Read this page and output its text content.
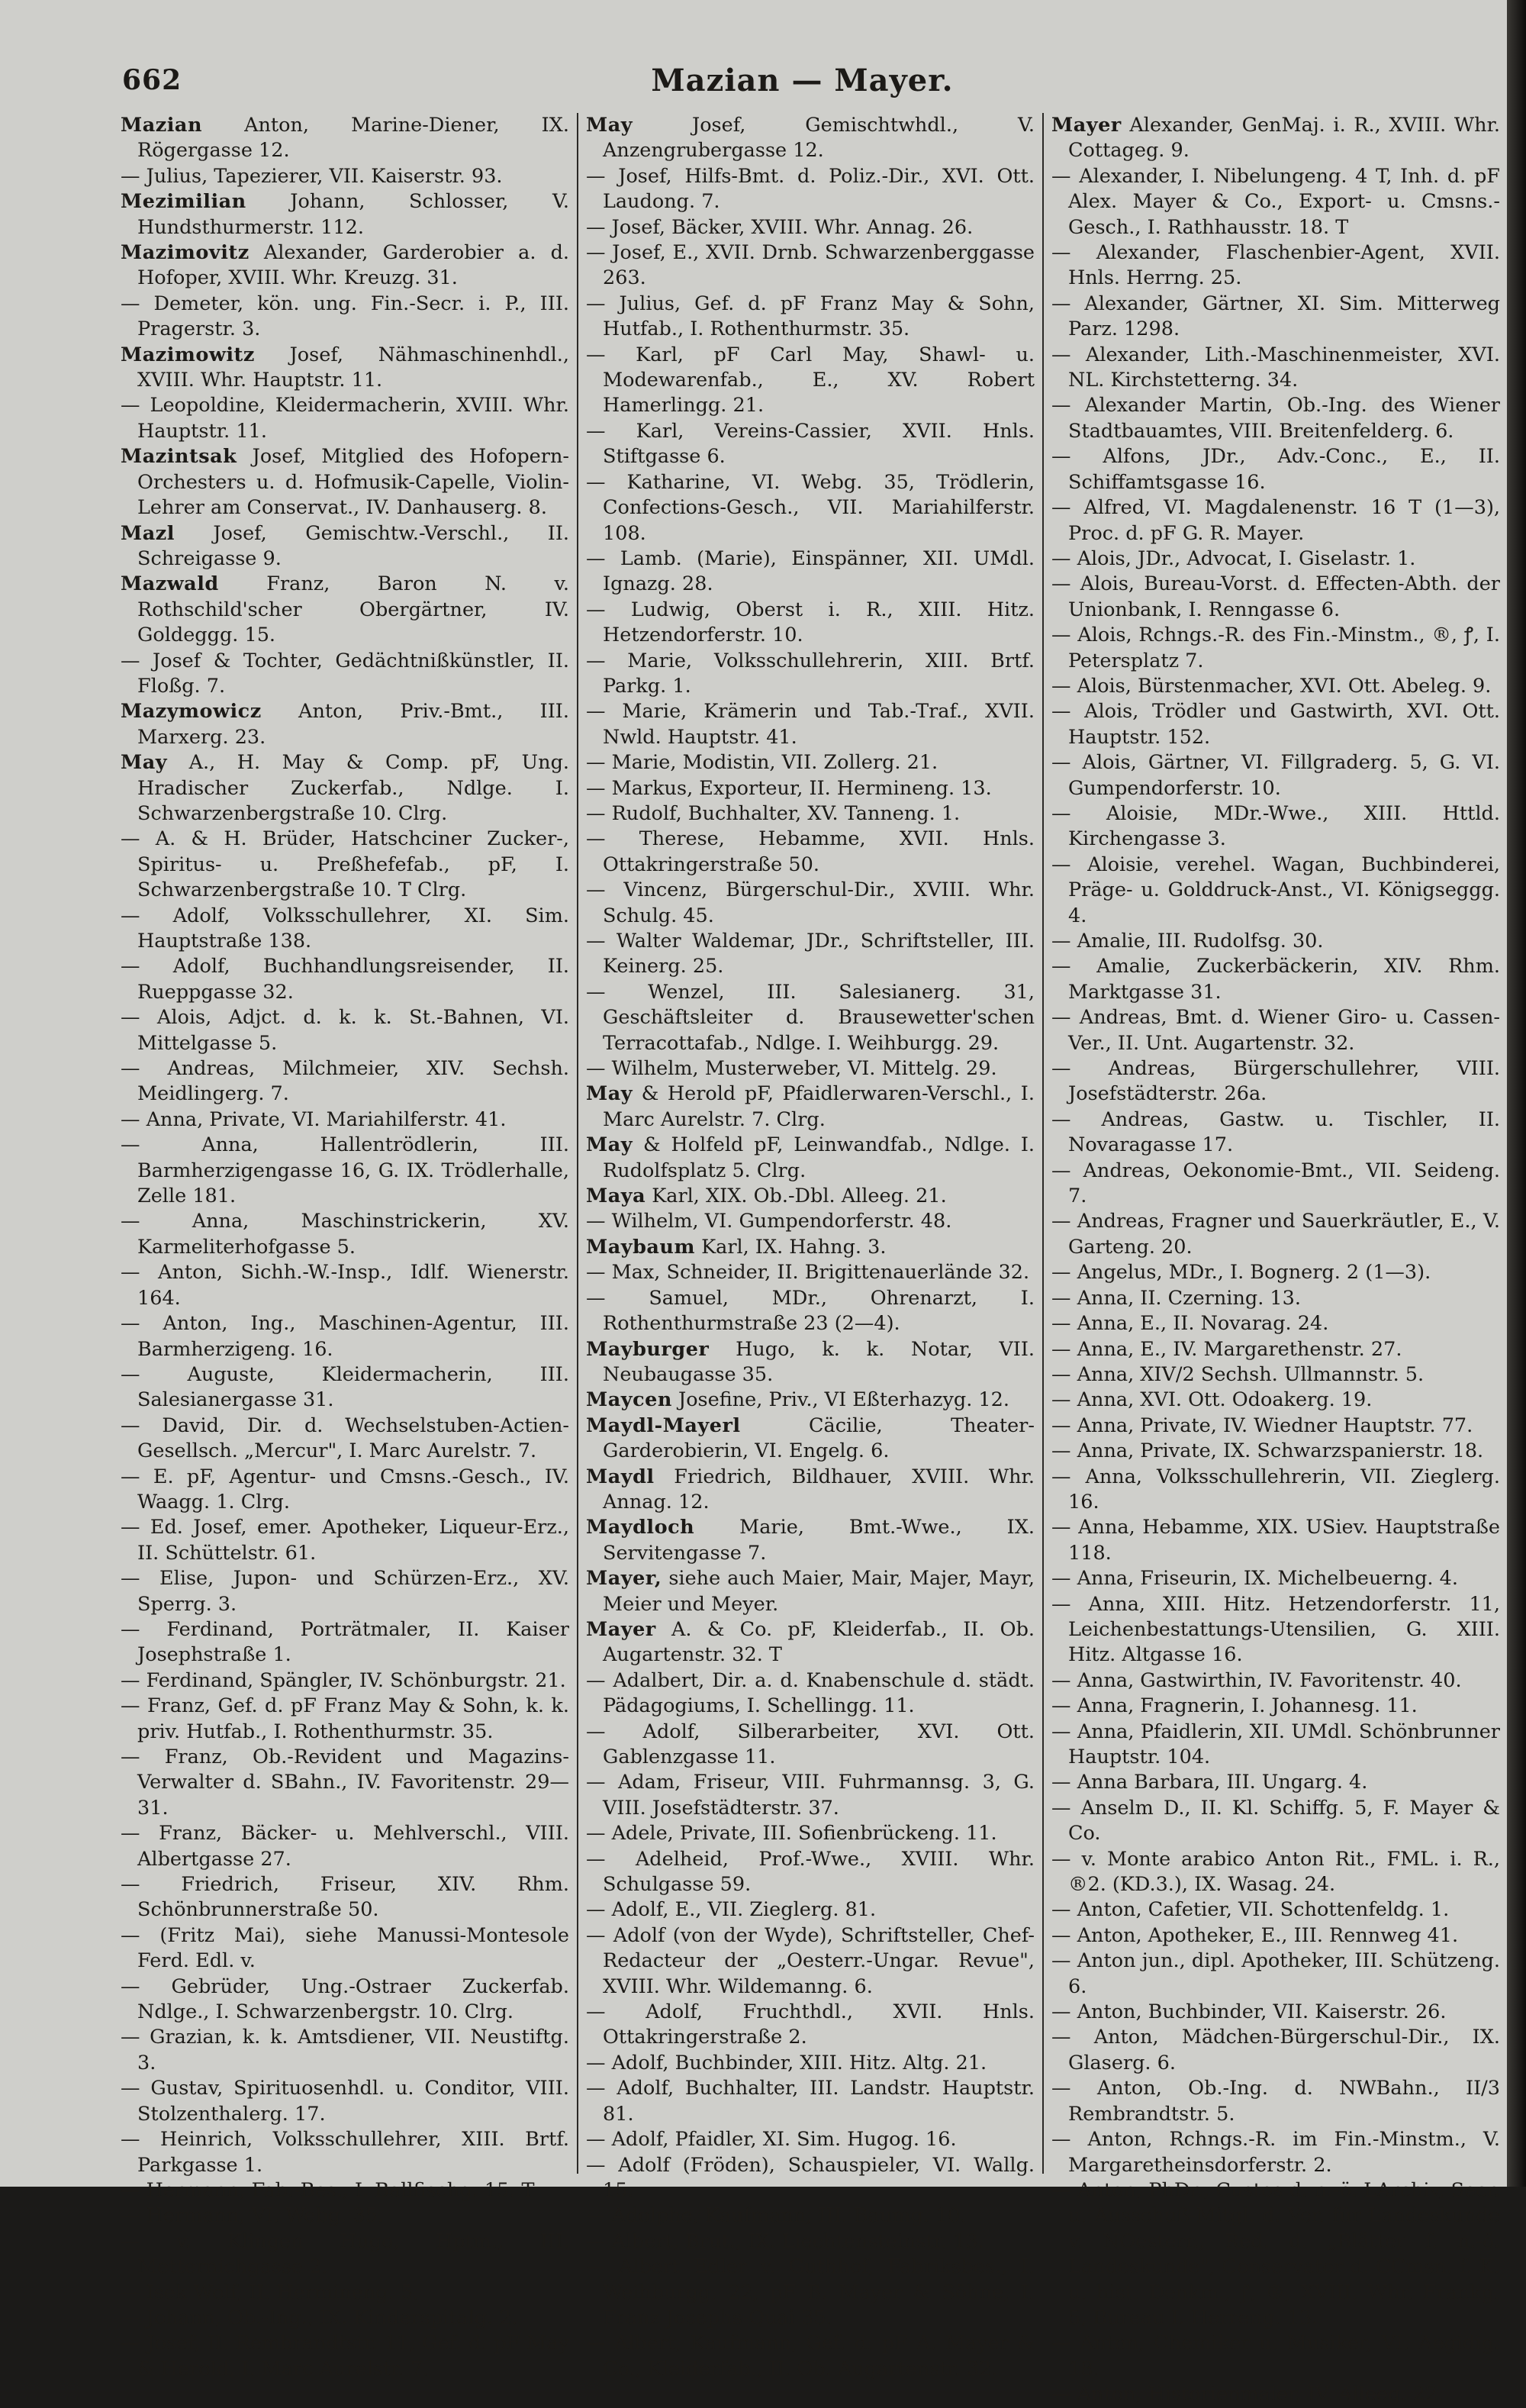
662	Mazian — Mayer.

Mazian Anton, Marine-Diener, IX. Rögergasse 12.

— Julius, Tapezierer, VII. Kaiserstr. 93.

Mezimilian Johann, Schlosser, V. Hundsthurmerstr. 112.

Mazimovitz Alexander, Garderobier a. d. Hofoper, XVIII. Whr. Kreuzg. 31.

— Demeter, kön. ung. Fin.-Secr. i. P., III. Pragerstr. 3.

Mazimowitz Josef, Nähmaschinenhdl., XVIII. Whr. Hauptstr. 11.

— Leopoldine, Kleidermacherin, XVIII. Whr. Hauptstr. 11.

Mazintsak Josef, Mitglied des Hofopern-Orchesters u. d. Hofmusik-Capelle, Violin-Lehrer am Conservat., IV. Danhauserg. 8.

Mazl Josef, Gemischtw.-Verschl., II. Schreigasse 9.

Mazwald Franz, Baron N. v. Rothschild'scher Obergärtner, IV. Goldeggg. 15.

— Josef & Tochter, Gedächtnißkünstler, II. Floßg. 7.

Mazymowicz Anton, Priv.-Bmt., III. Marxerg. 23.

May A., H. May & Comp. pF, Ung. Hradischer Zuckerfab., Ndlge. I. Schwarzenbergstraße 10. Clrg.

— A. & H. Brüder, Hatschciner Zucker-, Spiritus- u. Preßhefefab., pF, I. Schwarzenbergstraße 10. T Clrg.

— Adolf, Volksschullehrer, XI. Sim. Hauptstraße 138.

— Adolf, Buchhandlungsreisender, II. Rueppgasse 32.

— Alois, Adjct. d. k. k. St.-Bahnen, VI. Mittelgasse 5.

— Andreas, Milchmeier, XIV. Sechsh. Meidlingerg. 7.

— Anna, Private, VI. Mariahilferstr. 41.

— Anna, Hallentrödlerin, III. Barmherzigengasse 16, G. IX. Trödlerhalle, Zelle 181.

— Anna, Maschinstrickerin, XV. Karmeliterhofgasse 5.

— Anton, Sichh.-W.-Insp., Idlf. Wienerstr. 164.

— Anton, Ing., Maschinen-Agentur, III. Barmherzigeng. 16.

— Auguste, Kleidermacherin, III. Salesianergasse 31.

— David, Dir. d. Wechselstuben-Actien-Gesellsch. „Mercur", I. Marc Aurelstr. 7.

— E. pF, Agentur- und Cmsns.-Gesch., IV. Waagg. 1. Clrg.

— Ed. Josef, emer. Apotheker, Liqueur-Erz., II. Schüttelstr. 61.

— Elise, Jupon- und Schürzen-Erz., XV. Sperrg. 3.

— Ferdinand, Porträtmaler, II. Kaiser Josephstraße 1.

— Ferdinand, Spängler, IV. Schönburgstr. 21.

— Franz, Gef. d. pF Franz May & Sohn, k. k. priv. Hutfab., I. Rothenthurmstr. 35.

— Franz, Ob.-Revident und Magazins-Verwalter d. SBahn., IV. Favoritenstr. 29—31.

— Franz, Bäcker- u. Mehlverschl., VIII. Albertgasse 27.

— Friedrich, Friseur, XIV. Rhm. Schönbrunnerstraße 50.

— (Fritz Mai), siehe Manussi-Montesole Ferd. Edl. v.

— Gebrüder, Ung.-Ostraer Zuckerfab. Ndlge., I. Schwarzenbergstr. 10. Clrg.

— Grazian, k. k. Amtsdiener, VII. Neustiftg. 3.

— Gustav, Spirituosenhdl. u. Conditor, VIII. Stolzenthalerg. 17.

— Heinrich, Volksschullehrer, XIII. Brtf. Parkgasse 1.

— Hermann, Fab.-Bes., I. Ballfischg. 15. T

— Hermann, VI. Webg. 35.

— v. Klingen Hugo, Hptm., III. Metternichgasse 2.

— Isek Wolf, II. Hermineng. 5.

— Johann, Ob.-Ing., IX. Kinderspitalg. 2.

— Josef, II. Rembrandtstr. 11, Gef. d. pF May & Herold, I. Marc Aurelstr. 7.

May	Josef, Gemischtwhdl., V. Anzengrubergasse 12.

— Josef, Hilfs-Bmt. d. Poliz.-Dir., XVI. Ott. Laudong. 7.

— Josef, Bäcker, XVIII. Whr. Annag. 26.

— Josef, E., XVII. Drnb. Schwarzenberggasse 263.

— Julius, Gef. d. pF Franz May & Sohn, Hutfab., I. Rothenthurmstr. 35.

— Karl, pF Carl May, Shawl- u. Modewarenfab., E., XV. Robert Hamerlingg. 21.

— Karl, Vereins-Cassier, XVII. Hnls. Stiftgasse 6.

— Katharine, VI. Webg. 35, Trödlerin, Confections-Gesch., VII. Mariahilferstr. 108.

— Lamb. (Marie), Einspänner, XII. UMdl. Ignazg. 28.

— Ludwig, Oberst i. R., XIII. Hitz. Hetzendorferstr. 10.

— Marie, Volksschullehrerin, XIII. Brtf. Parkg. 1.

— Marie, Krämerin und Tab.-Traf., XVII. Nwld. Hauptstr. 41.

— Marie, Modistin, VII. Zollerg. 21.

— Markus, Exporteur, II. Hermineng. 13.

— Rudolf, Buchhalter, XV. Tanneng. 1.

— Therese, Hebamme, XVII. Hnls. Ottakringerstraße 50.

— Vincenz, Bürgerschul-Dir., XVIII. Whr. Schulg. 45.

— Walter Waldemar, JDr., Schriftsteller, III. Keinerg. 25.

— Wenzel, III. Salesianerg. 31, Geschäftsleiter d. Brausewetter'schen Terracottafab., Ndlge. I. Weihburgg. 29.

— Wilhelm, Musterweber, VI. Mittelg. 29.

May & Herold pF, Pfaidlerwaren-Verschl., I. Marc Aurelstr. 7. Clrg.

May & Holfeld pF, Leinwandfab., Ndlge. I. Rudolfsplatz 5. Clrg.

Maya Karl, XIX. Ob.-Dbl. Alleeg. 21.

— Wilhelm, VI. Gumpendorferstr. 48.

Maybaum Karl, IX. Hahng. 3.

— Max, Schneider, II. Brigittenauerlände 32.

— Samuel, MDr., Ohrenarzt, I. Rothenthurmstraße 23 (2—4).

Mayburger Hugo, k. k. Notar, VII. Neubaugasse 35.

Maycen Josefine, Priv., VI Eßterhazyg. 12.

Maydl-Mayerl	Cäcilie, Theater-Garderobierin, VI. Engelg. 6.

Maydl Friedrich, Bildhauer, XVIII. Whr. Annag. 12.

Maydloch Marie, Bmt.-Wwe., IX. Servitengasse 7.

Mayer, siehe auch Maier, Mair, Majer, Mayr, Meier und Meyer.

Mayer A. & Co. pF, Kleiderfab., II. Ob. Augartenstr. 32. T

— Adalbert, Dir. a. d. Knabenschule d. städt. Pädagogiums, I. Schellingg. 11.

— Adolf, Silberarbeiter, XVI. Ott. Gablenzgasse 11.

— Adam, Friseur, VIII. Fuhrmannsg. 3, G. VIII. Josefstädterstr. 37.

— Adele, Private, III. Sofienbrückeng. 11.

— Adelheid, Prof.-Wwe., XVIII. Whr. Schulgasse 59.

— Adolf, E., VII. Zieglerg. 81.

— Adolf (von der Wyde), Schriftsteller, Chef-Redacteur der „Oesterr.-Ungar. Revue", XVIII. Whr. Wildemanng. 6.

— Adolf, Fruchthdl., XVII. Hnls. Ottakringerstraße 2.

— Adolf, Buchbinder, XIII. Hitz. Altg. 21.

— Adolf, Buchhalter, III. Landstr. Hauptstr. 81.

— Adolf, Pfaidler, XI. Sim. Hugog. 16.

— Adolf (Fröden), Schauspieler, VI. Wallg. 15.

— Adolphe, Kaufmann, III. Baumg. 10.

— Albert, Brut., IX. Liechtensteinstr. 13.

— Albert Edler v. Guthhof, Fabriksbes., I. Weihburgg. 22, pF B. Mayer & Söhne, I. Franz Josephs-Quai 35.

— Albert, Kaufmann, Gef. d. pF A. Mayer & Co., Kleiderfab., II. Ob. Augartenstr. 32.

Mayer Alexander, GenMaj. i. R., XVIII. Whr. Cottageg. 9.

— Alexander, I. Nibelungeng. 4 T, Inh. d. pF Alex. Mayer & Co., Export- u. Cmsns.-Gesch., I. Rathhausstr. 18. T

— Alexander, Flaschenbier-Agent, XVII. Hnls. Herrng. 25.

— Alexander, Gärtner, XI. Sim. Mitterweg Parz. 1298.

— Alexander, Lith.-Maschinenmeister, XVI. NL. Kirchstetterng. 34.

— Alexander Martin, Ob.-Ing. des Wiener Stadtbauamtes, VIII. Breitenfelderg. 6.

— Alfons, JDr., Adv.-Conc., E., II. Schiffamtsgasse 16.

— Alfred, VI. Magdalenenstr. 16 T (1—3), Proc. d. pF G. R. Mayer.

— Alois, JDr., Advocat, I. Giselastr. 1.

— Alois, Bureau-Vorst. d. Effecten-Abth. der Unionbank, I. Renngasse 6.

— Alois, Rchngs.-R. des Fin.-Minstm., ®, ꝭ, I. Petersplatz 7.

— Alois, Bürstenmacher, XVI. Ott. Abeleg. 9.

— Alois, Trödler und Gastwirth, XVI. Ott. Hauptstr. 152.

— Alois, Gärtner, VI. Fillgraderg. 5, G. VI. Gumpendorferstr. 10.

— Aloisie, MDr.-Wwe., XIII. Httld. Kirchengasse 3.

— Aloisie, verehel. Wagan, Buchbinderei, Präge- u. Golddruck-Anst., VI. Königseggg. 4.

— Amalie, III. Rudolfsg. 30.

— Amalie, Zuckerbäckerin, XIV. Rhm. Marktgasse 31.

— Andreas, Bmt. d. Wiener Giro- u. Cassen-Ver., II. Unt. Augartenstr. 32.

— Andreas, Bürgerschullehrer, VIII. Josefstädterstr. 26a.

— Andreas, Gastw. u. Tischler, II. Novaragasse 17.

— Andreas, Oekonomie-Bmt., VII. Seideng. 7.

— Andreas, Fragner und Sauerkräutler, E., V. Garteng. 20.

— Angelus, MDr., I. Bognerg. 2 (1—3).

— Anna, II. Czerning. 13.

— Anna, E., II. Novarag. 24.

— Anna, E., IV. Margarethenstr. 27.

— Anna, XIV/2 Sechsh. Ullmannstr. 5.

— Anna, XVI. Ott. Odoakerg. 19.

— Anna, Private, IV. Wiedner Hauptstr. 77.

— Anna, Private, IX. Schwarzspanierstr. 18.

— Anna, Volksschullehrerin, VII. Zieglerg. 16.

— Anna, Hebamme, XIX. USiev. Hauptstraße 118.

— Anna, Friseurin, IX. Michelbeuerng. 4.

— Anna, XIII. Hitz. Hetzendorferstr. 11, Leichenbestattungs-Utensilien, G. XIII. Hitz. Altgasse 16.

— Anna, Gastwirthin, IV. Favoritenstr. 40.

— Anna, Fragnerin, I. Johannesg. 11.

— Anna, Pfaidlerin, XII. UMdl. Schönbrunner Hauptstr. 104.

— Anna Barbara, III. Ungarg. 4.

— Anselm D., II. Kl. Schiffg. 5, F. Mayer & Co.

— v. Monte arabico Anton Rit., FML. i. R., ®2. (KD.3.), IX. Wasag. 24.

— Anton, Cafetier, VII. Schottenfeldg. 1.

— Anton, Apotheker, E., III. Rennweg 41.

— Anton jun., dipl. Apotheker, III. Schützeng. 6.

— Anton, Buchbinder, VII. Kaiserstr. 26.

— Anton, Mädchen-Bürgerschul-Dir., IX. Glaserg. 6.

— Anton, Ob.-Ing. d. NWBahn., II/3 Rembrandtstr. 5.

— Anton, Rchngs.-R. im Fin.-Minstm., V. Margaretheinsdorferstr. 2.

— Anton, PhDr., Custos d. n.-ö. LArchiv, Secr. u. Ausschuß-Mitgl. d. Ver. für Landeskunde v. NOesterr., Red. d. „Blätter f. n.-ö. Landeskunde", Conservator d. CCmsn. f. K. u. hist. Denkm., ꝭ, ®, XVIII. Whr. Frankg. 5, Bureau I. Herreng. 13.

— Anton, Chemiker u. Musiker, VI. Aegidig. 18.

— Anton, Historienmaler, IV. Alleeg. 22.
